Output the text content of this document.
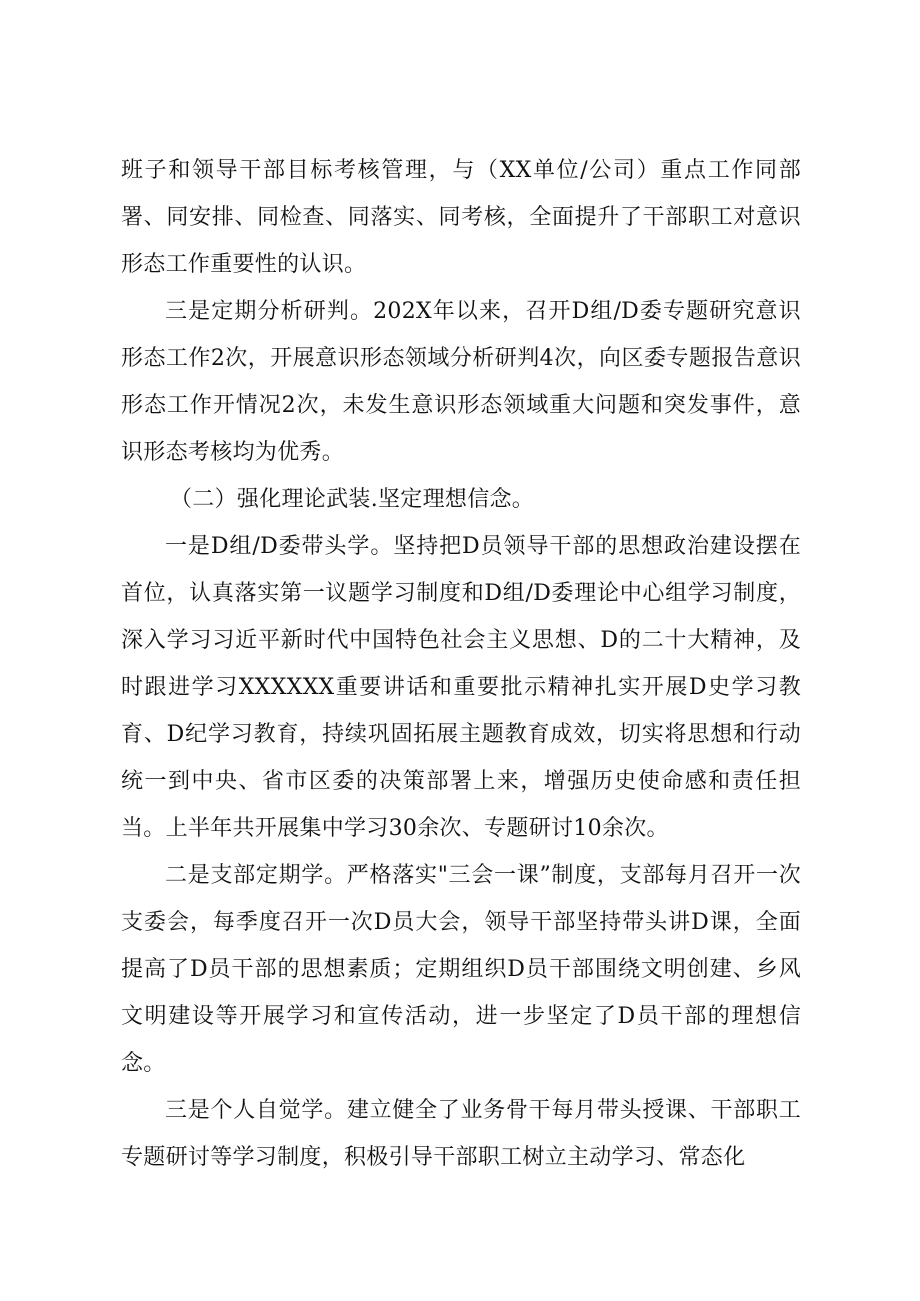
班子和领导干部目标考核管理，与（XX单位/公司）重点工作同部署、同安排、同检查、同落实、同考核，全面提升了干部职工对意识形态工作重要性的认识。

三是定期分析研判。202X年以来，召开D组/D委专题研究意识形态工作2次，开展意识形态领域分析研判4次，向区委专题报告意识形态工作开情况2次，未发生意识形态领域重大问题和突发事件，意识形态考核均为优秀。

（二）强化理论武装.坚定理想信念。

一是D组/D委带头学。坚持把D员领导干部的思想政治建设摆在首位，认真落实第一议题学习制度和D组/D委理论中心组学习制度，深入学习习近平新时代中国特色社会主义思想、D的二十大精神，及时跟进学习XXXXXX重要讲话和重要批示精神扎实开展D史学习教育、D纪学习教育，持续巩固拓展主题教育成效，切实将思想和行动统一到中央、省市区委的决策部署上来，增强历史使命感和责任担当。上半年共开展集中学习30余次、专题研讨10余次。

二是支部定期学。严格落实"三会一课”制度，支部每月召开一次支委会，每季度召开一次D员大会，领导干部坚持带头讲D课，全面提高了D员干部的思想素质；定期组织D员干部围绕文明创建、乡风文明建设等开展学习和宣传活动，进一步坚定了D员干部的理想信念。

三是个人自觉学。建立健全了业务骨干每月带头授课、干部职工专题研讨等学习制度，积极引导干部职工树立主动学习、常态化
